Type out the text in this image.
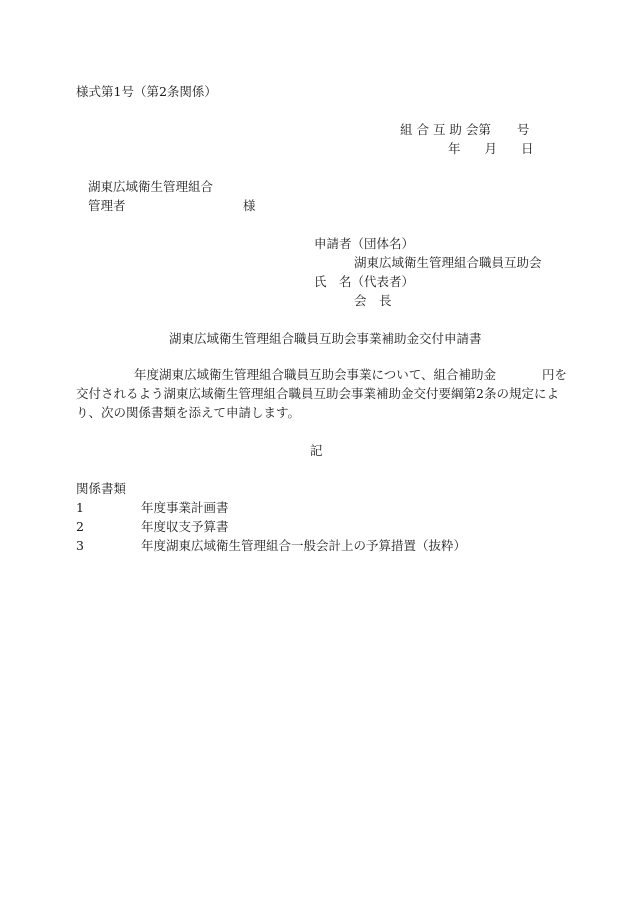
様式第1号（第2条関係）
組 合 互 助 会第 号
年 月 日
湖東広域衛生管理組合
管理者	様
申請者（団体名）
湖東広域衛生管理組合職員互助会
氏　名（代表者）
会　長
湖東広域衛生管理組合職員互助会事業補助金交付申請書
年度湖東広域衛生管理組合職員互助会事業について、組合補助金	円を
交付されるよう湖東広域衛生管理組合職員互助会事業補助金交付要綱第2条の規定によ
り、次の関係書類を添えて申請します。
記
関係書類
1	年度事業計画書
2	年度収支予算書
3	年度湖東広域衛生管理組合一般会計上の予算措置（抜粋）
